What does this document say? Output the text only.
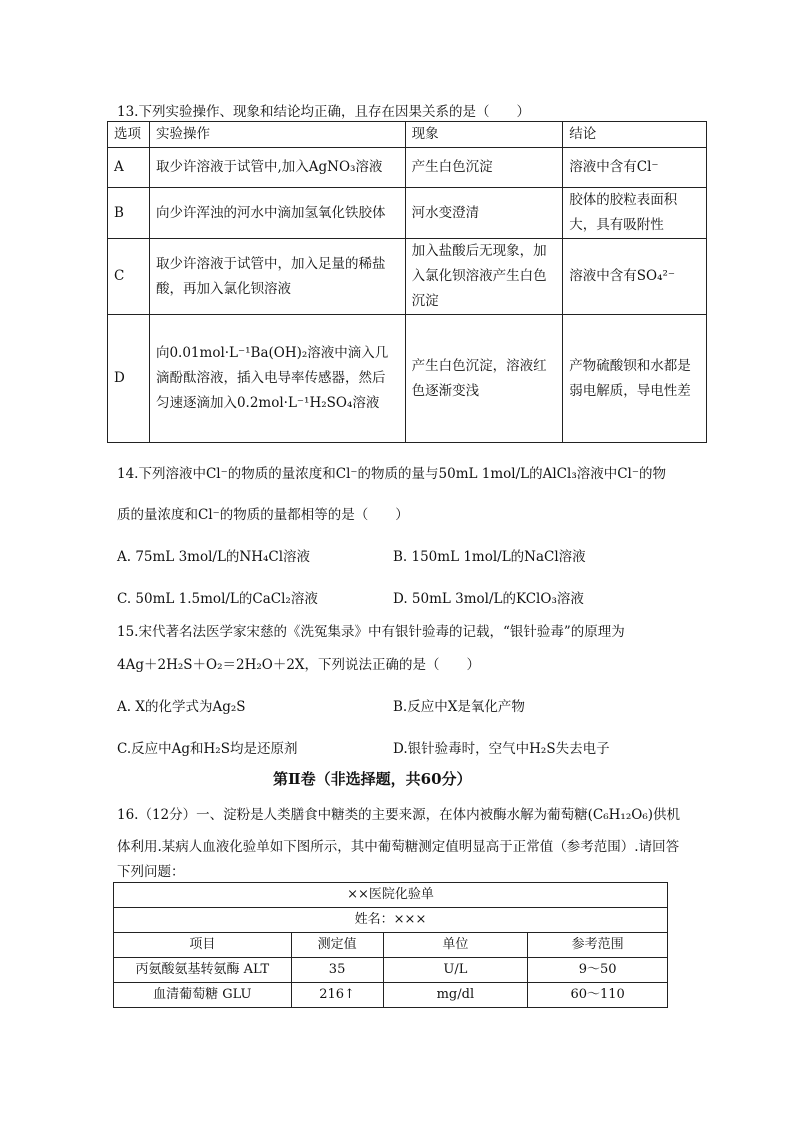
13.下列实验操作、现象和结论均正确，且存在因果关系的是（　　）
选项	实验操作	现象	结论
A	取少许溶液于试管中,加入AgNO₃溶液	产生白色沉淀	溶液中含有Cl⁻
B	向少许浑浊的河水中滴加氢氧化铁胶体	河水变澄清	胶体的胶粒表面积大，具有吸附性
C	取少许溶液于试管中，加入足量的稀盐酸，再加入氯化钡溶液	加入盐酸后无现象，加入氯化钡溶液产生白色沉淀	溶液中含有SO₄²⁻
D	向0.01mol·L⁻¹Ba(OH)₂溶液中滴入几滴酚酞溶液，插入电导率传感器，然后匀速逐滴加入0.2mol·L⁻¹H₂SO₄溶液	产生白色沉淀，溶液红色逐渐变浅	产物硫酸钡和水都是弱电解质，导电性差
14.下列溶液中Cl⁻的物质的量浓度和Cl⁻的物质的量与50mL 1mol/L的AlCl₃溶液中Cl⁻的物
质的量浓度和Cl⁻的物质的量都相等的是（　　）
A. 75mL 3mol/L的NH₄Cl溶液	B. 150mL 1mol/L的NaCl溶液
C. 50mL 1.5mol/L的CaCl₂溶液	D. 50mL 3mol/L的KClO₃溶液
15.宋代著名法医学家宋慈的《洗冤集录》中有银针验毒的记载，“银针验毒”的原理为
4Ag＋2H₂S＋O₂＝2H₂O＋2X，下列说法正确的是（　　）
A. X的化学式为Ag₂S	B.反应中X是氧化产物
C.反应中Ag和H₂S均是还原剂	D.银针验毒时，空气中H₂S失去电子
第Ⅱ卷（非选择题，共60分）
16.（12分）一、淀粉是人类膳食中糖类的主要来源，在体内被酶水解为葡萄糖(C₆H₁₂O₆)供机
体利用.某病人血液化验单如下图所示，其中葡萄糖测定值明显高于正常值（参考范围）.请回答
下列问题：
××医院化验单			
姓名：×××			
项目	测定值	单位	参考范围
丙氨酸氨基转氨酶 ALT	35	U/L	9～50
血清葡萄糖 GLU	216↑	mg/dl	60～110
